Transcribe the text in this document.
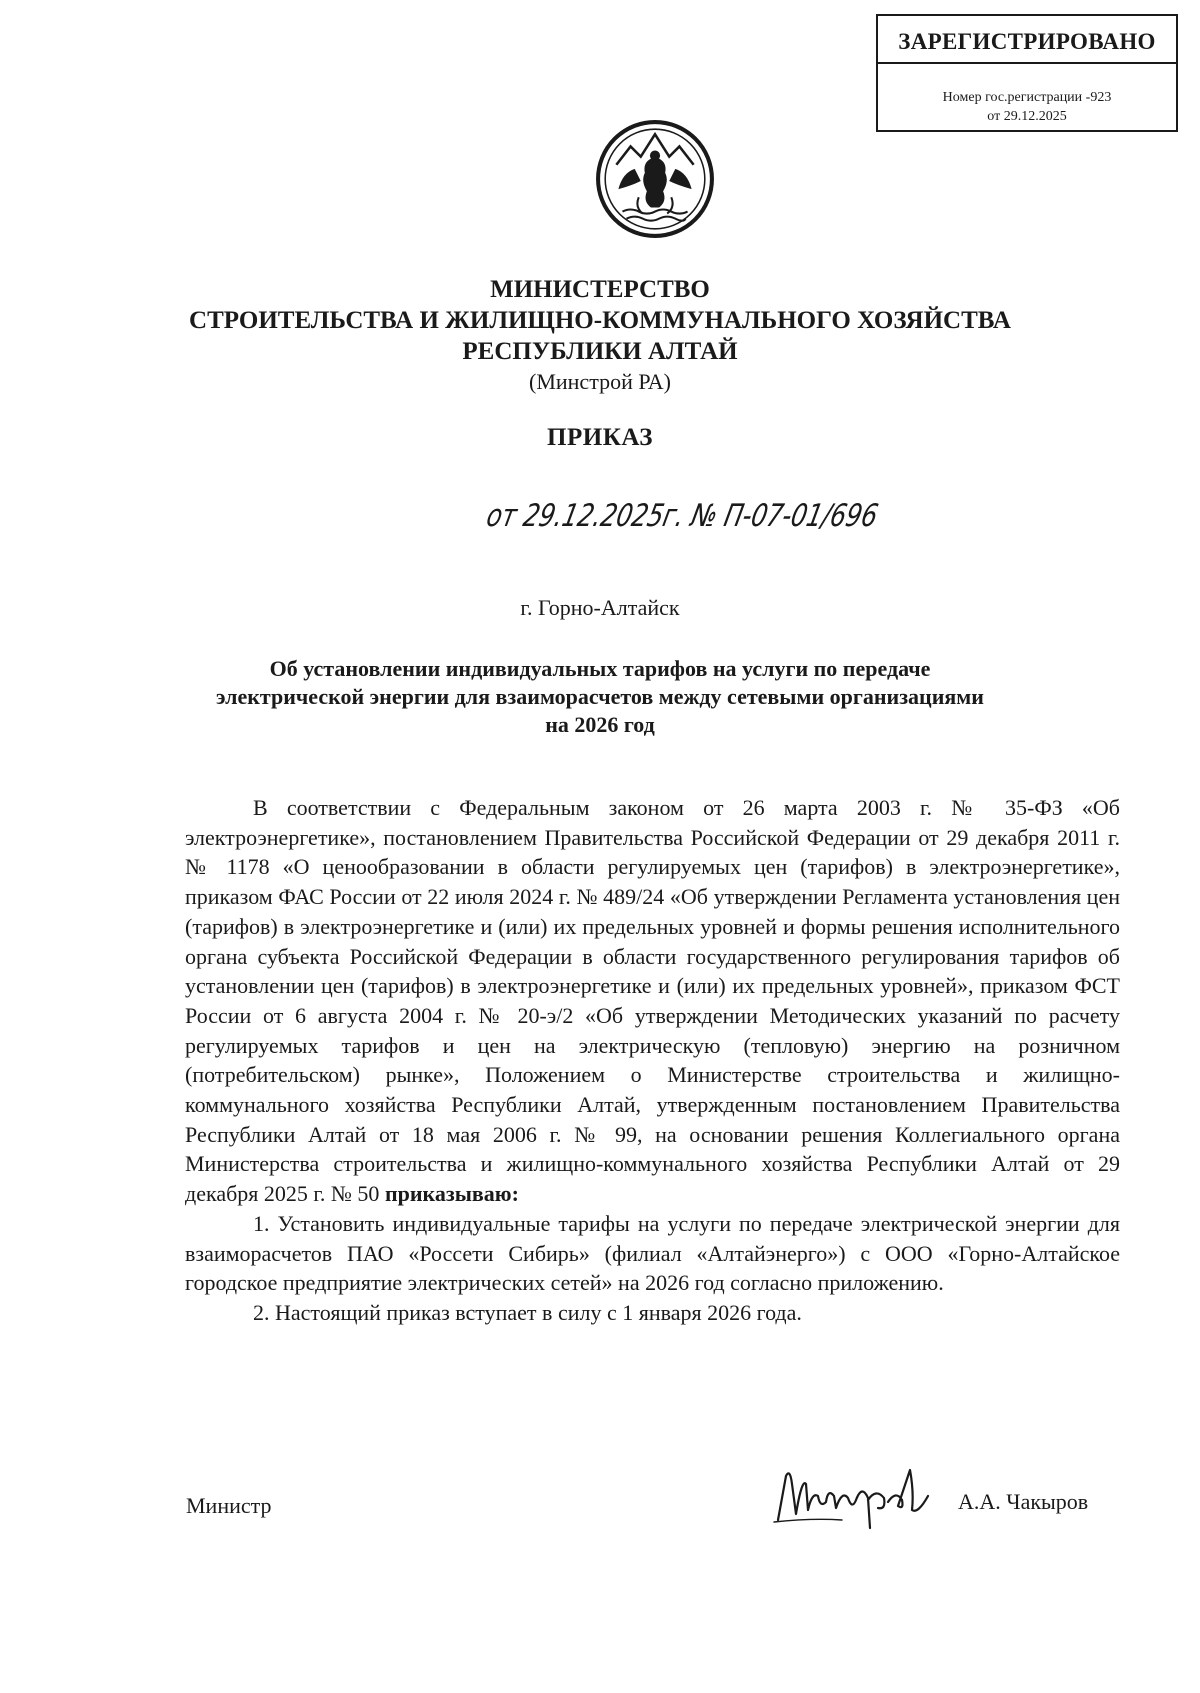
ЗАРЕГИСТРИРОВАНО
Номер гос.регистрации -923
от 29.12.2025
МИНИСТЕРСТВО
СТРОИТЕЛЬСТВА И ЖИЛИЩНО-КОММУНАЛЬНОГО ХОЗЯЙСТВА
РЕСПУБЛИКИ АЛТАЙ
(Минстрой РА)
ПРИКАЗ
от 29.12.2025г. № П-07-01/696
г. Горно-Алтайск
Об установлении индивидуальных тарифов на услуги по передаче
электрической энергии для взаиморасчетов между сетевыми организациями
на 2026 год

В соответствии с Федеральным законом от 26 марта 2003 г. № 35-ФЗ «Об электроэнергетике», постановлением Правительства Российской Федерации от 29 декабря 2011 г. № 1178 «О ценообразовании в области регулируемых цен (тарифов) в электроэнергетике», приказом ФАС России от 22 июля 2024 г. № 489/24 «Об утверждении Регламента установления цен (тарифов) в электроэнергетике и (или) их предельных уровней и формы решения исполнительного органа субъекта Российской Федерации в области государственного регулирования тарифов об установлении цен (тарифов) в электроэнергетике и (или) их предельных уровней», приказом ФСТ России от 6 августа 2004 г. № 20-э/2 «Об утверждении Методических указаний по расчету регулируемых тарифов и цен на электрическую (тепловую) энергию на розничном (потребительском) рынке», Положением о Министерстве строительства и жилищно-коммунального хозяйства Республики Алтай, утвержденным постановлением Правительства Республики Алтай от 18 мая 2006 г. № 99, на основании решения Коллегиального органа Министерства строительства и жилищно-коммунального хозяйства Республики Алтай от 29 декабря 2025 г. № 50 приказываю:

1. Установить индивидуальные тарифы на услуги по передаче электрической энергии для взаиморасчетов ПАО «Россети Сибирь» (филиал «Алтайэнерго») с ООО «Горно-Алтайское городское предприятие электрических сетей» на 2026 год согласно приложению.

2. Настоящий приказ вступает в силу с 1 января 2026 года.

Министр	А.А. Чакыров
